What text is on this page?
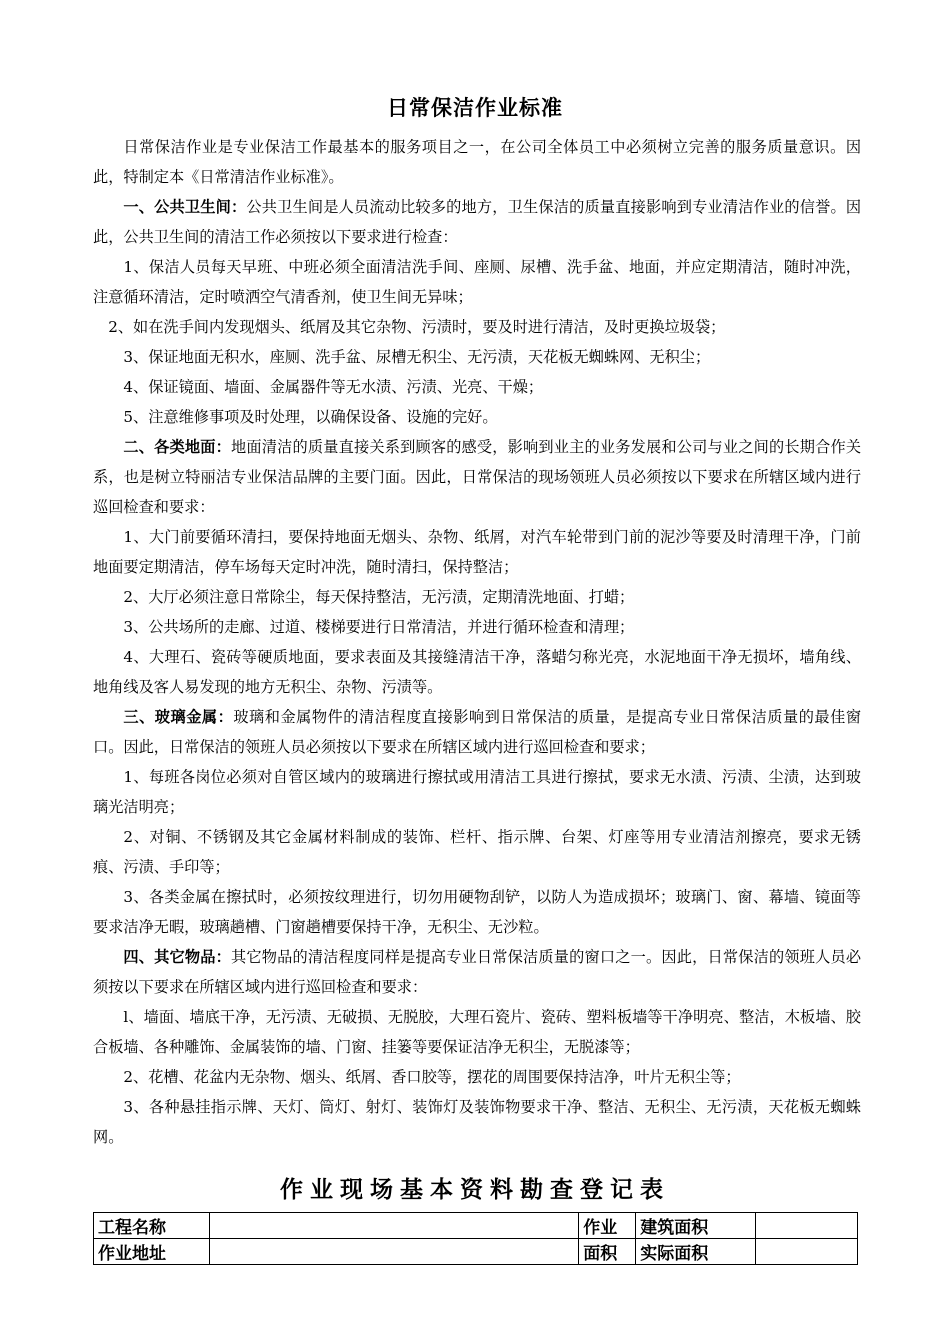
日常保洁作业标准

日常保洁作业是专业保洁工作最基本的服务项目之一，在公司全体员工中必须树立完善的服务质量意识。因此，特制定本《日常清洁作业标准》。

一、公共卫生间：公共卫生间是人员流动比较多的地方，卫生保洁的质量直接影响到专业清洁作业的信誉。因此，公共卫生间的清洁工作必须按以下要求进行检查：

1、保洁人员每天早班、中班必须全面清洁洗手间、座厕、尿槽、洗手盆、地面，并应定期清洁，随时冲洗，注意循环清洁，定时喷洒空气清香剂，使卫生间无异味；

2、如在洗手间内发现烟头、纸屑及其它杂物、污渍时，要及时进行清洁，及时更换垃圾袋；

3、保证地面无积水，座厕、洗手盆、尿槽无积尘、无污渍，天花板无蜘蛛网、无积尘；

4、保证镜面、墙面、金属器件等无水渍、污渍、光亮、干燥；

5、注意维修事项及时处理，以确保设备、设施的完好。

二、各类地面：地面清洁的质量直接关系到顾客的感受，影响到业主的业务发展和公司与业之间的长期合作关系，也是树立特丽洁专业保洁品牌的主要门面。因此，日常保洁的现场领班人员必须按以下要求在所辖区域内进行巡回检查和要求：

1、大门前要循环清扫，要保持地面无烟头、杂物、纸屑，对汽车轮带到门前的泥沙等要及时清理干净，门前地面要定期清洁，停车场每天定时冲洗，随时清扫，保持整洁；

2、大厅必须注意日常除尘，每天保持整洁，无污渍，定期清洗地面、打蜡；

3、公共场所的走廊、过道、楼梯要进行日常清洁，并进行循环检查和清理；

4、大理石、瓷砖等硬质地面，要求表面及其接缝清洁干净，落蜡匀称光亮，水泥地面干净无损坏，墙角线、地角线及客人易发现的地方无积尘、杂物、污渍等。

三、玻璃金属：玻璃和金属物件的清洁程度直接影响到日常保洁的质量，是提高专业日常保洁质量的最佳窗口。因此，日常保洁的领班人员必须按以下要求在所辖区域内进行巡回检查和要求；

1、每班各岗位必须对自管区域内的玻璃进行擦拭或用清洁工具进行擦拭，要求无水渍、污渍、尘渍，达到玻璃光洁明亮；

2、对铜、不锈钢及其它金属材料制成的装饰、栏杆、指示牌、台架、灯座等用专业清洁剂擦亮，要求无锈痕、污渍、手印等；

3、各类金属在擦拭时，必须按纹理进行，切勿用硬物刮铲，以防人为造成损坏；玻璃门、窗、幕墙、镜面等要求洁净无暇，玻璃趟槽、门窗趟槽要保持干净，无积尘、无沙粒。

四、其它物品：其它物品的清洁程度同样是提高专业日常保洁质量的窗口之一。因此，日常保洁的领班人员必须按以下要求在所辖区域内进行巡回检查和要求：

l、墙面、墙底干净，无污渍、无破损、无脱胶，大理石瓷片、瓷砖、塑料板墙等干净明亮、整洁，木板墙、胶合板墙、各种雕饰、金属装饰的墙、门窗、挂篓等要保证洁净无积尘，无脱漆等；

2、花槽、花盆内无杂物、烟头、纸屑、香口胶等，摆花的周围要保持洁净，叶片无积尘等；

3、各种悬挂指示牌、天灯、筒灯、射灯、装饰灯及装饰物要求干净、整洁、无积尘、无污渍，天花板无蜘蛛网。

作业现场基本资料勘查登记表
工程名称		作业	建筑面积	
作业地址		面积	实际面积	
